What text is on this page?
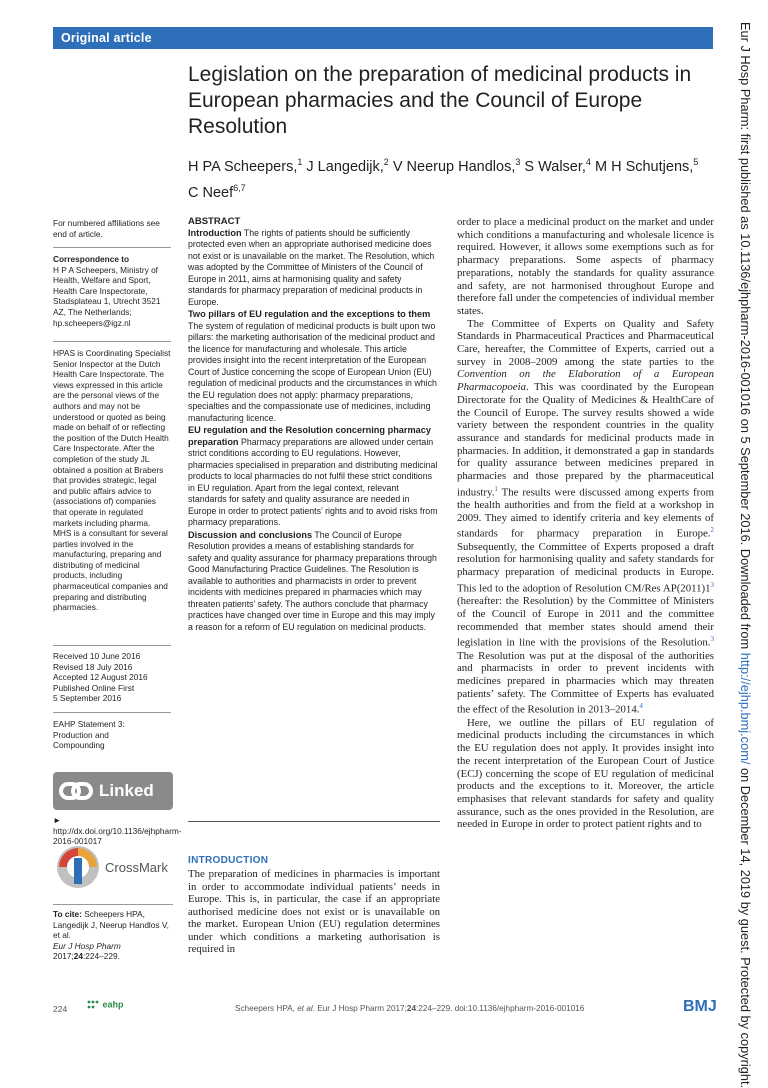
Original article
Legislation on the preparation of medicinal products in European pharmacies and the Council of Europe Resolution
H PA Scheepers,$^1$ J Langedijk,$^2$ V Neerup Handlos,$^3$ S Walser,$^4$ M H Schutjens,$^5$
C Neef$^{6,7}$
For numbered affiliations see end of article.
Correspondence to
H P A Scheepers, Ministry of Health, Welfare and Sport, Health Care Inspectorate, Stadsplateau 1, Utrecht 3521 AZ, The Netherlands; hp.scheepers@igz.nl
HPAS is Coordinating Specialist Senior Inspector at the Dutch Health Care Inspectorate. The views expressed in this article are the personal views of the authors and may not be understood or quoted as being made on behalf of or reflecting the position of the Dutch Health Care Inspectorate. After the completion of the study JL obtained a position at Brabers that provides strategic, legal and public affairs advice to (associations of) companies that operate in regulated markets including pharma. MHS is a consultant for several parties involved in the manufacturing, preparing and distributing of medicinal products, including pharmaceutical companies and preparing and distributing pharmacies.
Received 10 June 2016
Revised 18 July 2016
Accepted 12 August 2016
Published Online First
5 September 2016
EAHP Statement 3: Production and Compounding
Linked
► http://dx.doi.org/10.1136/ejhpharm-2016-001017
CrossMark
To cite: Scheepers HPA, Langedijk J, Neerup Handlos V, et al.
Eur J Hosp Pharm
2017;24:224–229.
ABSTRACT

Introduction The rights of patients should be sufficiently protected even when an appropriate authorised medicine does not exist or is unavailable on the market. The Resolution, which was adopted by the Committee of Ministers of the Council of Europe in 2011, aims at harmonising quality and safety standards for pharmacy preparation of medicinal products in Europe.

Two pillars of EU regulation and the exceptions to them The system of regulation of medicinal products is built upon two pillars: the marketing authorisation of the medicinal product and the licence for manufacturing and wholesale. This article provides insight into the recent interpretation of the European Court of Justice concerning the scope of European Union (EU) regulation of medicinal products and the circumstances in which the EU regulation does not apply: pharmacy preparations, specialties and the compassionate use of medicines, including manufacturing licence.

EU regulation and the Resolution concerning pharmacy preparation Pharmacy preparations are allowed under certain strict conditions according to EU regulations. However, pharmacies specialised in preparation and distributing medicinal products to local pharmacies do not fulfil these strict conditions in EU regulation. Apart from the legal context, relevant standards for safety and quality assurance are needed in Europe in order to protect patients’ rights and to avoid risks from pharmacy preparations.

Discussion and conclusions The Council of Europe Resolution provides a means of establishing standards for safety and quality assurance for pharmacy preparations through Good Manufacturing Practice Guidelines. The Resolution is available to authorities and pharmacists in order to prevent incidents with medicines prepared in pharmacies which may threaten patients’ safety. The authors conclude that pharmacy practices have changed over time in Europe and this may imply a reason for a reform of EU regulation on medicinal products.

INTRODUCTION

The preparation of medicines in pharmacies is important in order to accommodate individual patients’ needs in Europe. This is, in particular, the case if an appropriate authorised medicine does not exist or is unavailable on the market. European Union (EU) regulation determines under which conditions a marketing authorisation is required in

order to place a medicinal product on the market and under which conditions a manufacturing and wholesale licence is required. However, it allows some exemptions such as for pharmacy preparations. Some aspects of pharmacy preparations, notably the standards for quality assurance and safety, are not harmonised throughout Europe and therefore fall under the competencies of individual member states.

The Committee of Experts on Quality and Safety Standards in Pharmaceutical Practices and Pharmaceutical Care, hereafter, the Committee of Experts, carried out a survey in 2008–2009 among the state parties to the Convention on the Elaboration of a European Pharmacopoeia. This was coordinated by the European Directorate for the Quality of Medicines & HealthCare of the Council of Europe. The survey results showed a wide variety between the respondent countries in the quality assurance and standards for medicinal products made in pharmacies. In addition, it demonstrated a gap in standards for quality assurance between medicines prepared in pharmacies and those prepared by the pharmaceutical industry.$^1$ The results were discussed among experts from the health authorities and from the field at a workshop in 2009. They aimed to identify criteria and key elements of standards for pharmacy preparation in Europe.$^2$ Subsequently, the Committee of Experts proposed a draft resolution for harmonising quality and safety standards for pharmacy preparation of medicinal products in Europe. This led to the adoption of Resolution CM/Res $AP(2011)1^3$ (hereafter: the Resolution) by the Committee of Ministers of the Council of Europe in 2011 and the committee recommended that member states should amend their legislation in line with the provisions of the Resolution.$^3$ The Resolution was put at the disposal of the authorities and pharmacists in order to prevent incidents with medicines prepared in pharmacies which may threaten patients’ safety. The Committee of Experts has evaluated the effect of the Resolution in 2013–2014.$^4$

Here, we outline the pillars of EU regulation of medicinal products including the circumstances in which the EU regulation does not apply. It provides insight into the recent interpretation of the European Court of Justice (ECJ) concerning the scope of EU regulation of medicinal products and the exceptions to it. Moreover, the article emphasises that relevant standards for safety and quality assurance, such as the ones provided in the Resolution, are needed in Europe in order to protect patient rights and to

224	eahp	Scheepers HPA, et al. Eur J Hosp Pharm 2017;24:224–229. doi:10.1136/ejhpharm-2016-001016	BMJ
Eur J Hosp Pharm: first published as 10.1136/ejhpharm-2016-001016 on 5 September 2016. Downloaded from http://ejhp.bmj.com/ on December 14, 2019 by guest. Protected by copyright.
